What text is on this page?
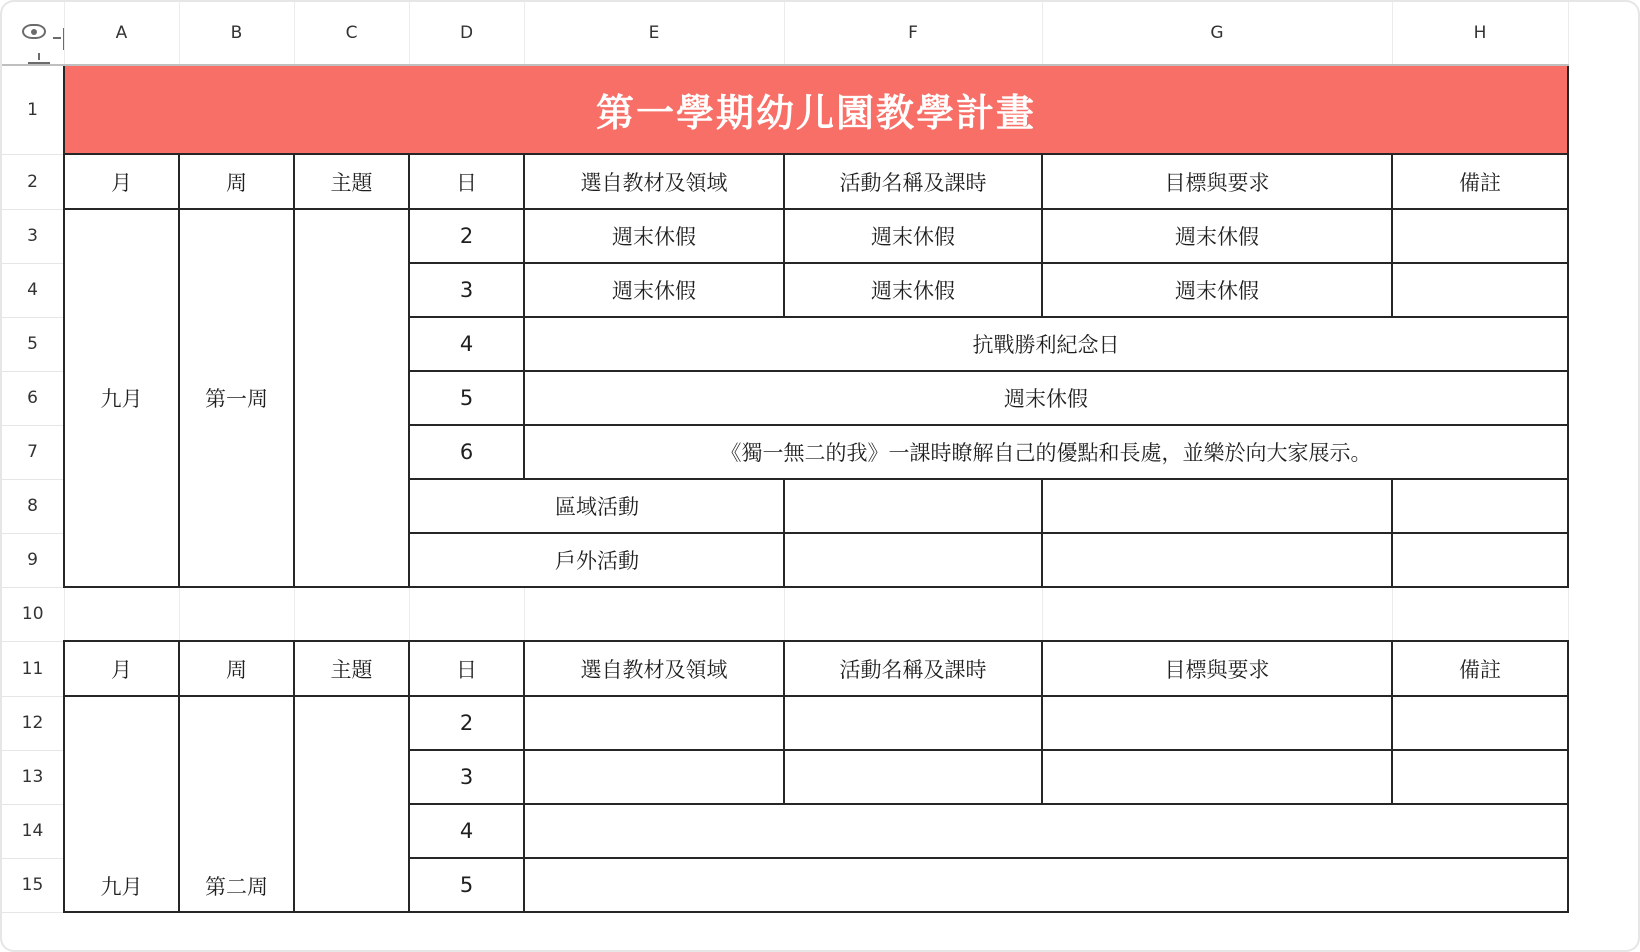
	A	B	C	D	E	F	G	H
1	第一學期幼儿園教學計畫							
2	月	周	主題	日	選自教材及領域	活動名稱及課時	目標與要求	備註
3	九月	第一周		2	週末休假	週末休假	週末休假	
4				3	週末休假	週末休假	週末休假	
5				4	抗戰勝利紀念日			
6				5	週末休假			
7				6	《獨一無二的我》一課時瞭解自己的優點和長處，並樂於向大家展示。			
8				區域活動				
9				戶外活動				
10								
11	月	周	主題	日	選自教材及領域	活動名稱及課時	目標與要求	備註
12	九月	第二周		2				
13				3				
14				4				
15				5				
